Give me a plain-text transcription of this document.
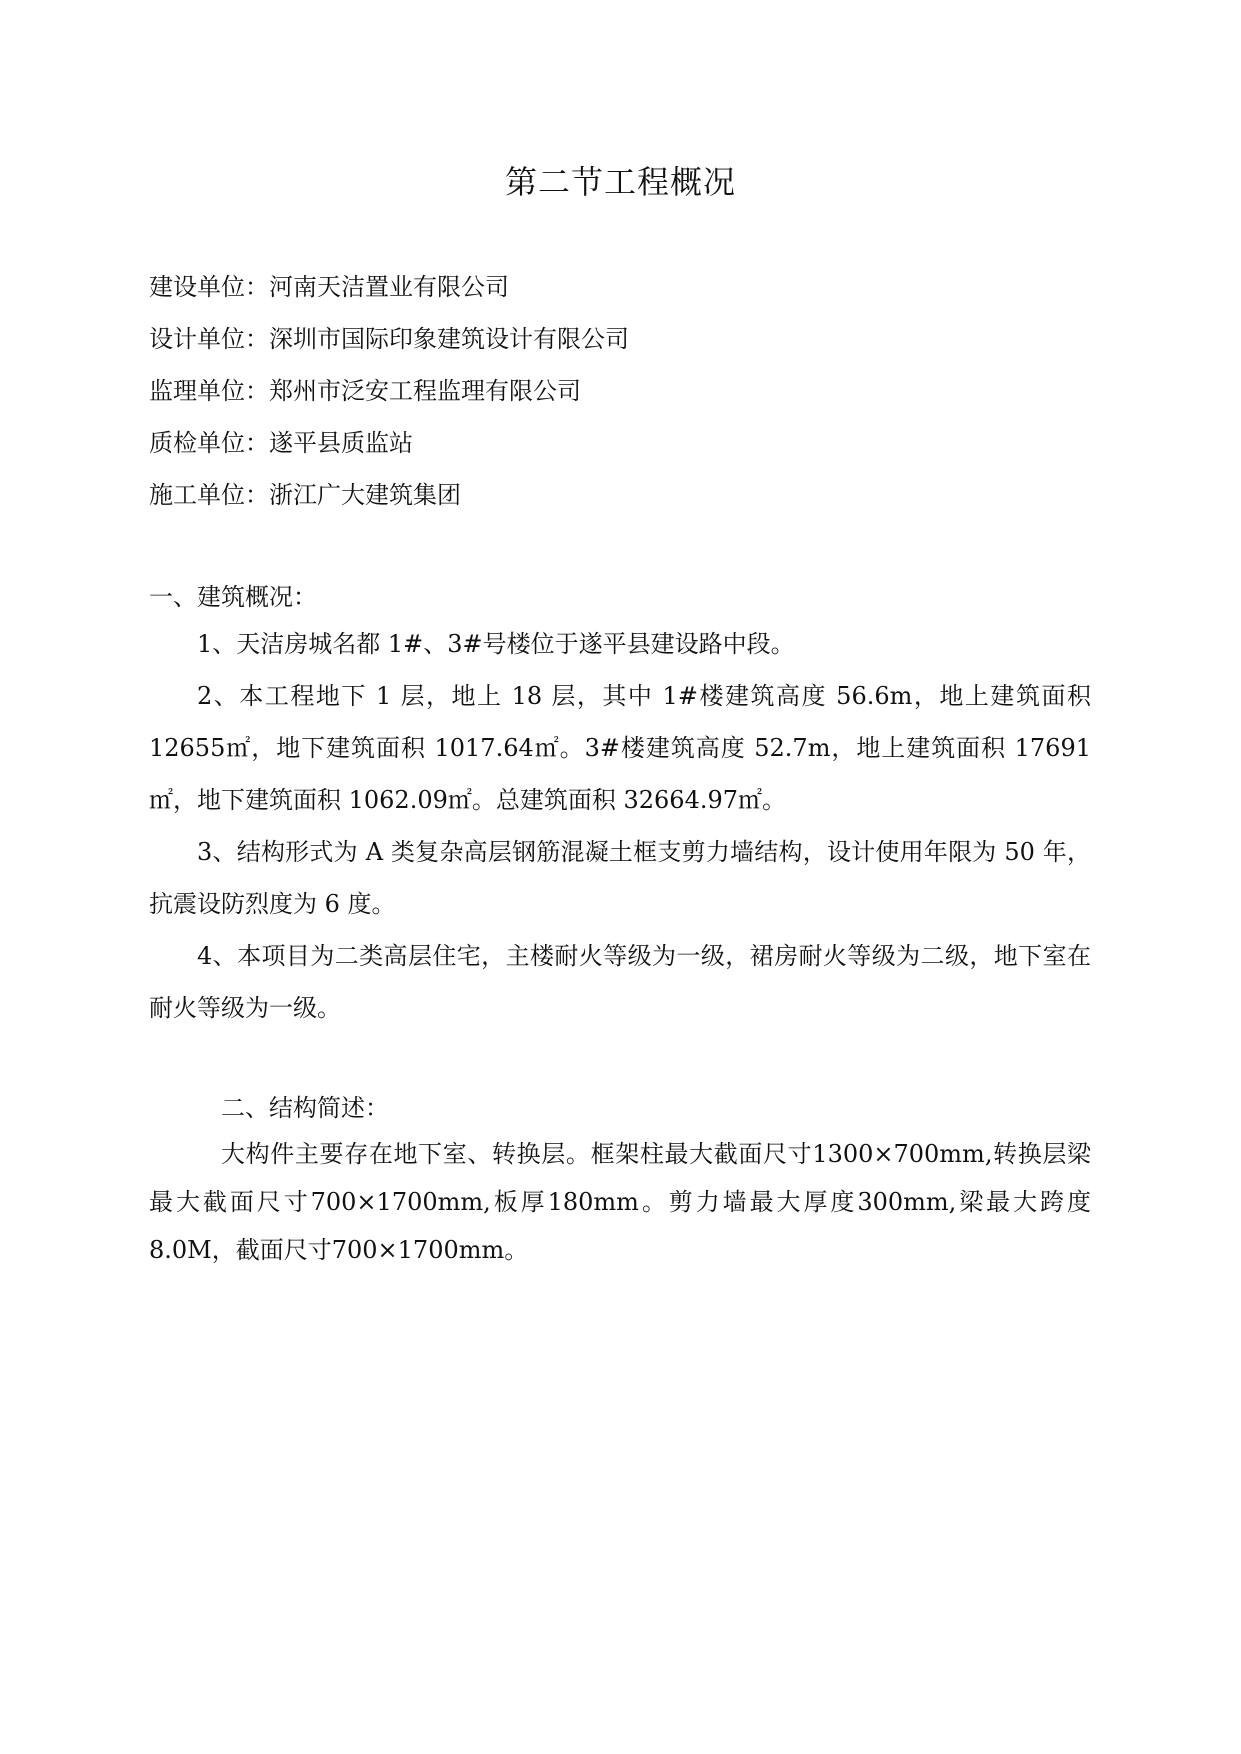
第二节工程概况
建设单位：河南天洁置业有限公司
设计单位：深圳市国际印象建筑设计有限公司
监理单位：郑州市泛安工程监理有限公司
质检单位：遂平县质监站
施工单位：浙江广大建筑集团
一、建筑概况：

1、天洁房城名都 1#、3#号楼位于遂平县建设路中段。

2、本工程地下 1 层，地上 18 层，其中 1#楼建筑高度 56.6m，地上建筑面积 12655㎡，地下建筑面积 1017.64㎡。3#楼建筑高度 52.7m，地上建筑面积 17691㎡，地下建筑面积 1062.09㎡。总建筑面积 32664.97㎡。

3、结构形式为 A 类复杂高层钢筋混凝土框支剪力墙结构，设计使用年限为 50 年，抗震设防烈度为 6 度。

4、本项目为二类高层住宅，主楼耐火等级为一级，裙房耐火等级为二级，地下室在耐火等级为一级。

二、结构简述：

大构件主要存在地下室、转换层。框架柱最大截面尺寸1300×700mm,转换层梁最大截面尺寸700×1700mm,板厚180mm。剪力墙最大厚度300mm,梁最大跨度8.0M，截面尺寸700×1700mm。
